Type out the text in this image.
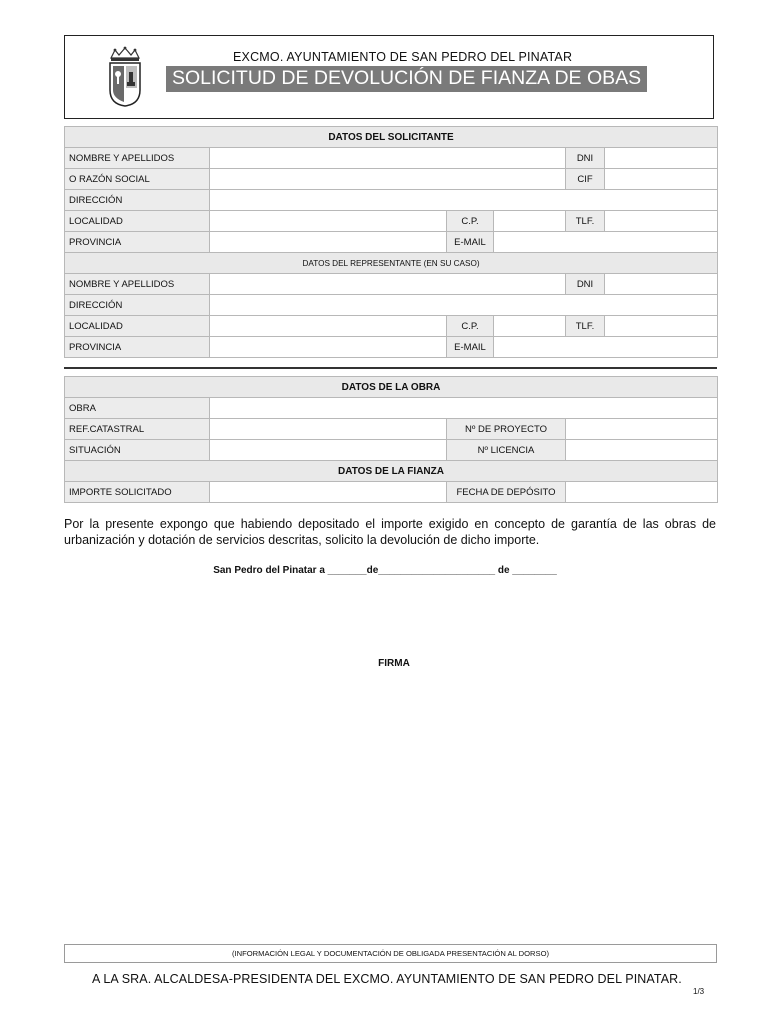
EXCMO. AYUNTAMIENTO DE SAN PEDRO DEL PINATAR
SOLICITUD DE DEVOLUCIÓN DE FIANZA DE OBAS
DATOS DEL SOLICITANTE					
NOMBRE Y APELLIDOS				DNI	
O RAZÓN SOCIAL				CIF	
DIRECCIÓN					
LOCALIDAD		C.P.		TLF.	
PROVINCIA		E-MAIL			
DATOS DEL REPRESENTANTE (EN SU CASO)					
NOMBRE Y APELLIDOS				DNI	
DIRECCIÓN					
LOCALIDAD		C.P.		TLF.	
PROVINCIA		E-MAIL			
DATOS DE LA OBRA			
OBRA			
REF.CATASTRAL		Nº DE PROYECTO	
SITUACIÓN		Nº LICENCIA	
DATOS DE LA FIANZA			
IMPORTE SOLICITADO		FECHA DE DEPÓSITO	
Por la presente expongo que habiendo depositado el importe exigido en concepto de garantía de las obras de urbanización y dotación de servicios descritas, solicito la devolución de dicho importe.
San Pedro del Pinatar a _______de_____________________ de ________
FIRMA
(INFORMACIÓN LEGAL Y DOCUMENTACIÓN DE OBLIGADA PRESENTACIÓN AL DORSO)
A LA SRA. ALCALDESA-PRESIDENTA DEL EXCMO. AYUNTAMIENTO DE SAN PEDRO DEL PINATAR.
1/3
